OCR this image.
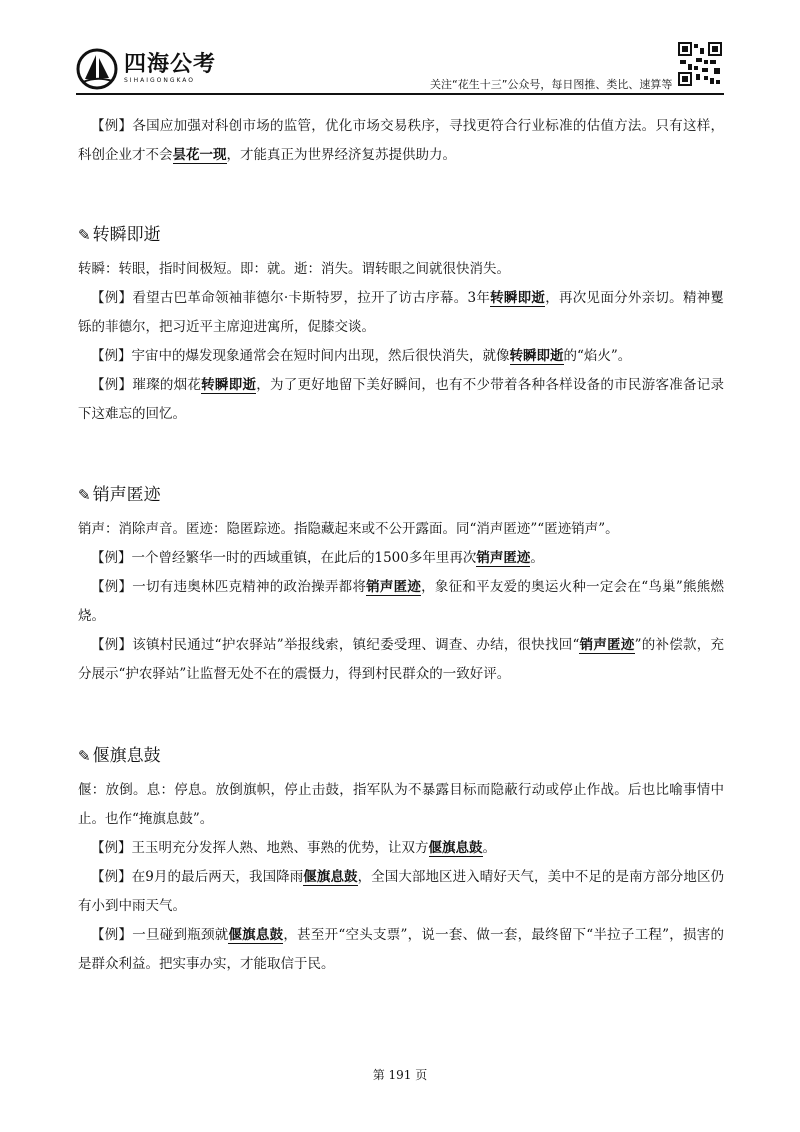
四海公考
SIHAIGONGKAO	关注“花生十三”公众号，每日图推、类比、速算等

【例】各国应加强对科创市场的监管，优化市场交易秩序，寻找更符合行业标准的估值方法。只有这样，科创企业才不会昙花一现，才能真正为世界经济复苏提供助力。

✎ 转瞬即逝

转瞬：转眼，指时间极短。即：就。逝：消失。谓转眼之间就很快消失。

【例】看望古巴革命领袖菲德尔·卡斯特罗，拉开了访古序幕。3年转瞬即逝，再次见面分外亲切。精神矍铄的菲德尔，把习近平主席迎进寓所，促膝交谈。

【例】宇宙中的爆发现象通常会在短时间内出现，然后很快消失，就像转瞬即逝的“焰火”。

【例】璀璨的烟花转瞬即逝，为了更好地留下美好瞬间，也有不少带着各种各样设备的市民游客准备记录下这难忘的回忆。

✎ 销声匿迹

销声：消除声音。匿迹：隐匿踪迹。指隐藏起来或不公开露面。同“消声匿迹”“匿迹销声”。

【例】一个曾经繁华一时的西域重镇，在此后的1500多年里再次销声匿迹。

【例】一切有违奥林匹克精神的政治操弄都将销声匿迹，象征和平友爱的奥运火种一定会在“鸟巢”熊熊燃烧。

【例】该镇村民通过“护农驿站”举报线索，镇纪委受理、调查、办结，很快找回“销声匿迹”的补偿款，充分展示“护农驿站”让监督无处不在的震慑力，得到村民群众的一致好评。

✎ 偃旗息鼓

偃：放倒。息：停息。放倒旗帜，停止击鼓，指军队为不暴露目标而隐蔽行动或停止作战。后也比喻事情中止。也作“掩旗息鼓”。

【例】王玉明充分发挥人熟、地熟、事熟的优势，让双方偃旗息鼓。

【例】在9月的最后两天，我国降雨偃旗息鼓，全国大部地区进入晴好天气，美中不足的是南方部分地区仍有小到中雨天气。

【例】一旦碰到瓶颈就偃旗息鼓，甚至开“空头支票”，说一套、做一套，最终留下“半拉子工程”，损害的是群众利益。把实事办实，才能取信于民。

第 191 页
